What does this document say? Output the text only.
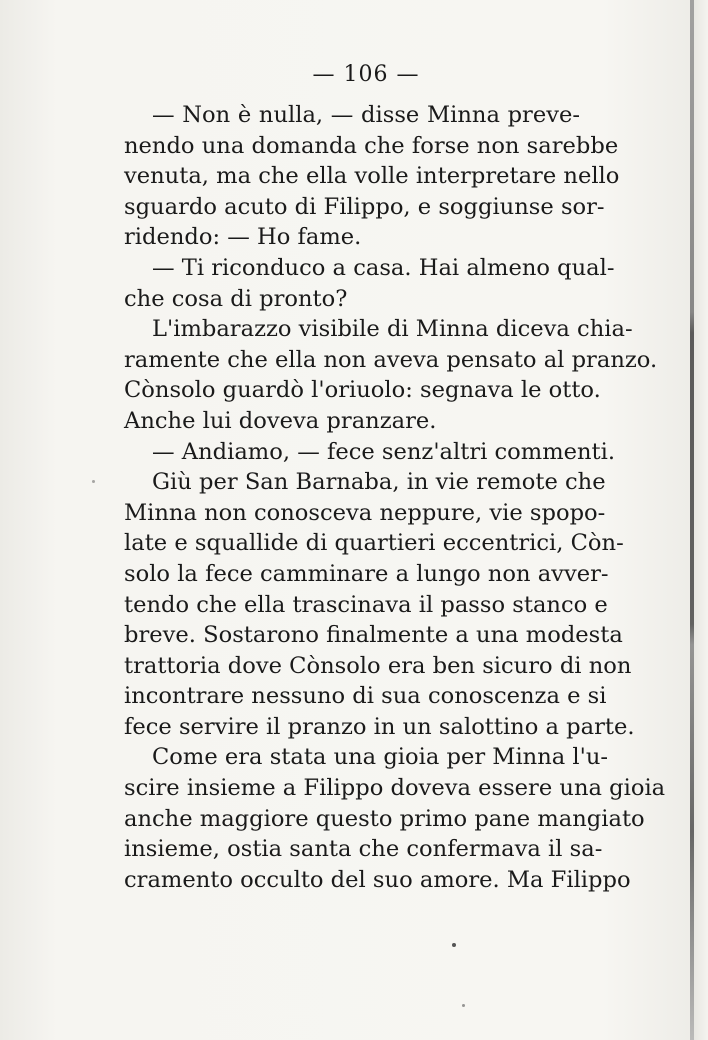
— 106 —

— Non è nulla, — disse Minna preve-
nendo una domanda che forse non sarebbe
venuta, ma che ella volle interpretare nello
sguardo acuto di Filippo, e soggiunse sor-
ridendo: — Ho fame.

— Ti riconduco a casa. Hai almeno qual-
che cosa di pronto?

L'imbarazzo visibile di Minna diceva chia-
ramente che ella non aveva pensato al pranzo.
Cònsolo guardò l'oriuolo: segnava le otto.
Anche lui doveva pranzare.

— Andiamo, — fece senz'altri commenti.

Giù per San Barnaba, in vie remote che
Minna non conosceva neppure, vie spopo-
late e squallide di quartieri eccentrici, Còn-
solo la fece camminare a lungo non avver-
tendo che ella trascinava il passo stanco e
breve. Sostarono finalmente a una modesta
trattoria dove Cònsolo era ben sicuro di non
incontrare nessuno di sua conoscenza e si
fece servire il pranzo in un salottino a parte.

Come era stata una gioia per Minna l'u-
scire insieme a Filippo doveva essere una gioia
anche maggiore questo primo pane mangiato
insieme, ostia santa che confermava il sa-
cramento occulto del suo amore. Ma Filippo
